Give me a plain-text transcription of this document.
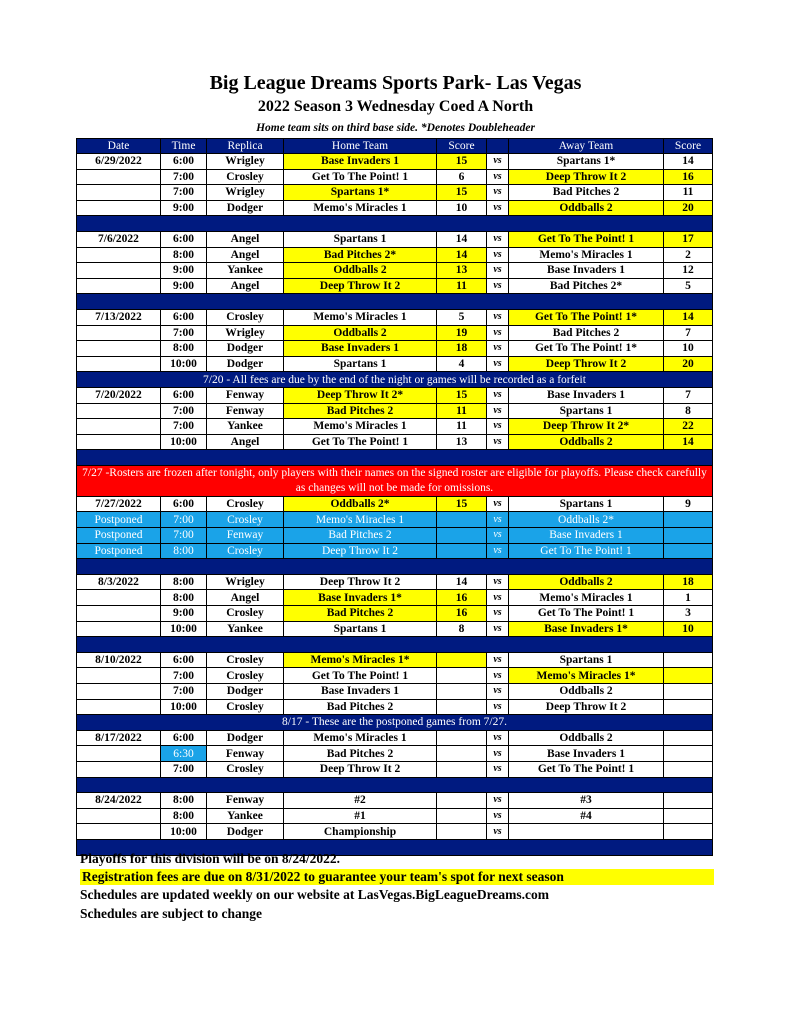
Big League Dreams Sports Park- Las Vegas
2022 Season 3 Wednesday Coed A North
Home team sits on third base side. *Denotes Doubleheader
Date	Time	Replica	Home Team	Score		Away Team	Score
6/29/2022	6:00	Wrigley	Base Invaders 1	15	vs	Spartans 1*	14
	7:00	Crosley	Get To The Point! 1	6	vs	Deep Throw It 2	16
	7:00	Wrigley	Spartans 1*	15	vs	Bad Pitches 2	11
	9:00	Dodger	Memo's Miracles 1	10	vs	Oddballs 2	20

7/6/2022	6:00	Angel	Spartans 1	14	vs	Get To The Point! 1	17
	8:00	Angel	Bad Pitches 2*	14	vs	Memo's Miracles 1	2
	9:00	Yankee	Oddballs 2	13	vs	Base Invaders 1	12
	9:00	Angel	Deep Throw It 2	11	vs	Bad Pitches 2*	5

7/13/2022	6:00	Crosley	Memo's Miracles 1	5	vs	Get To The Point! 1*	14
	7:00	Wrigley	Oddballs 2	19	vs	Bad Pitches 2	7
	8:00	Dodger	Base Invaders 1	18	vs	Get To The Point! 1*	10
	10:00	Dodger	Spartans 1	4	vs	Deep Throw It 2	20
7/20 - All fees are due by the end of the night or games will be recorded as a forfeit							
7/20/2022	6:00	Fenway	Deep Throw It 2*	15	vs	Base Invaders 1	7
	7:00	Fenway	Bad Pitches 2	11	vs	Spartans 1	8
	7:00	Yankee	Memo's Miracles 1	11	vs	Deep Throw It 2*	22
	10:00	Angel	Get To The Point! 1	13	vs	Oddballs 2	14

7/27 -Rosters are frozen after tonight, only players with their names on the signed roster are eligible for playoffs. Please check carefully as changes will not be made for omissions.							
7/27/2022	6:00	Crosley	Oddballs 2*	15	vs	Spartans 1	9
Postponed	7:00	Crosley	Memo's Miracles 1		vs	Oddballs 2*	
Postponed	7:00	Fenway	Bad Pitches 2		vs	Base Invaders 1	
Postponed	8:00	Crosley	Deep Throw It 2		vs	Get To The Point! 1	

8/3/2022	8:00	Wrigley	Deep Throw It 2	14	vs	Oddballs 2	18
	8:00	Angel	Base Invaders 1*	16	vs	Memo's Miracles 1	1
	9:00	Crosley	Bad Pitches 2	16	vs	Get To The Point! 1	3
	10:00	Yankee	Spartans 1	8	vs	Base Invaders 1*	10

8/10/2022	6:00	Crosley	Memo's Miracles 1*		vs	Spartans 1	
	7:00	Crosley	Get To The Point! 1		vs	Memo's Miracles 1*	
	7:00	Dodger	Base Invaders 1		vs	Oddballs 2	
	10:00	Crosley	Bad Pitches 2		vs	Deep Throw It 2	
8/17 - These are the postponed games from 7/27.							
8/17/2022	6:00	Dodger	Memo's Miracles 1		vs	Oddballs 2	
	6:30	Fenway	Bad Pitches 2		vs	Base Invaders 1	
	7:00	Crosley	Deep Throw It 2		vs	Get To The Point! 1	

8/24/2022	8:00	Fenway	#2		vs	#3	
	8:00	Yankee	#1		vs	#4	
	10:00	Dodger	Championship		vs		

Playoffs for this division will be on 8/24/2022.
Registration fees are due on 8/31/2022 to guarantee your team's spot for next season
Schedules are updated weekly on our website at LasVegas.BigLeagueDreams.com
Schedules are subject to change
